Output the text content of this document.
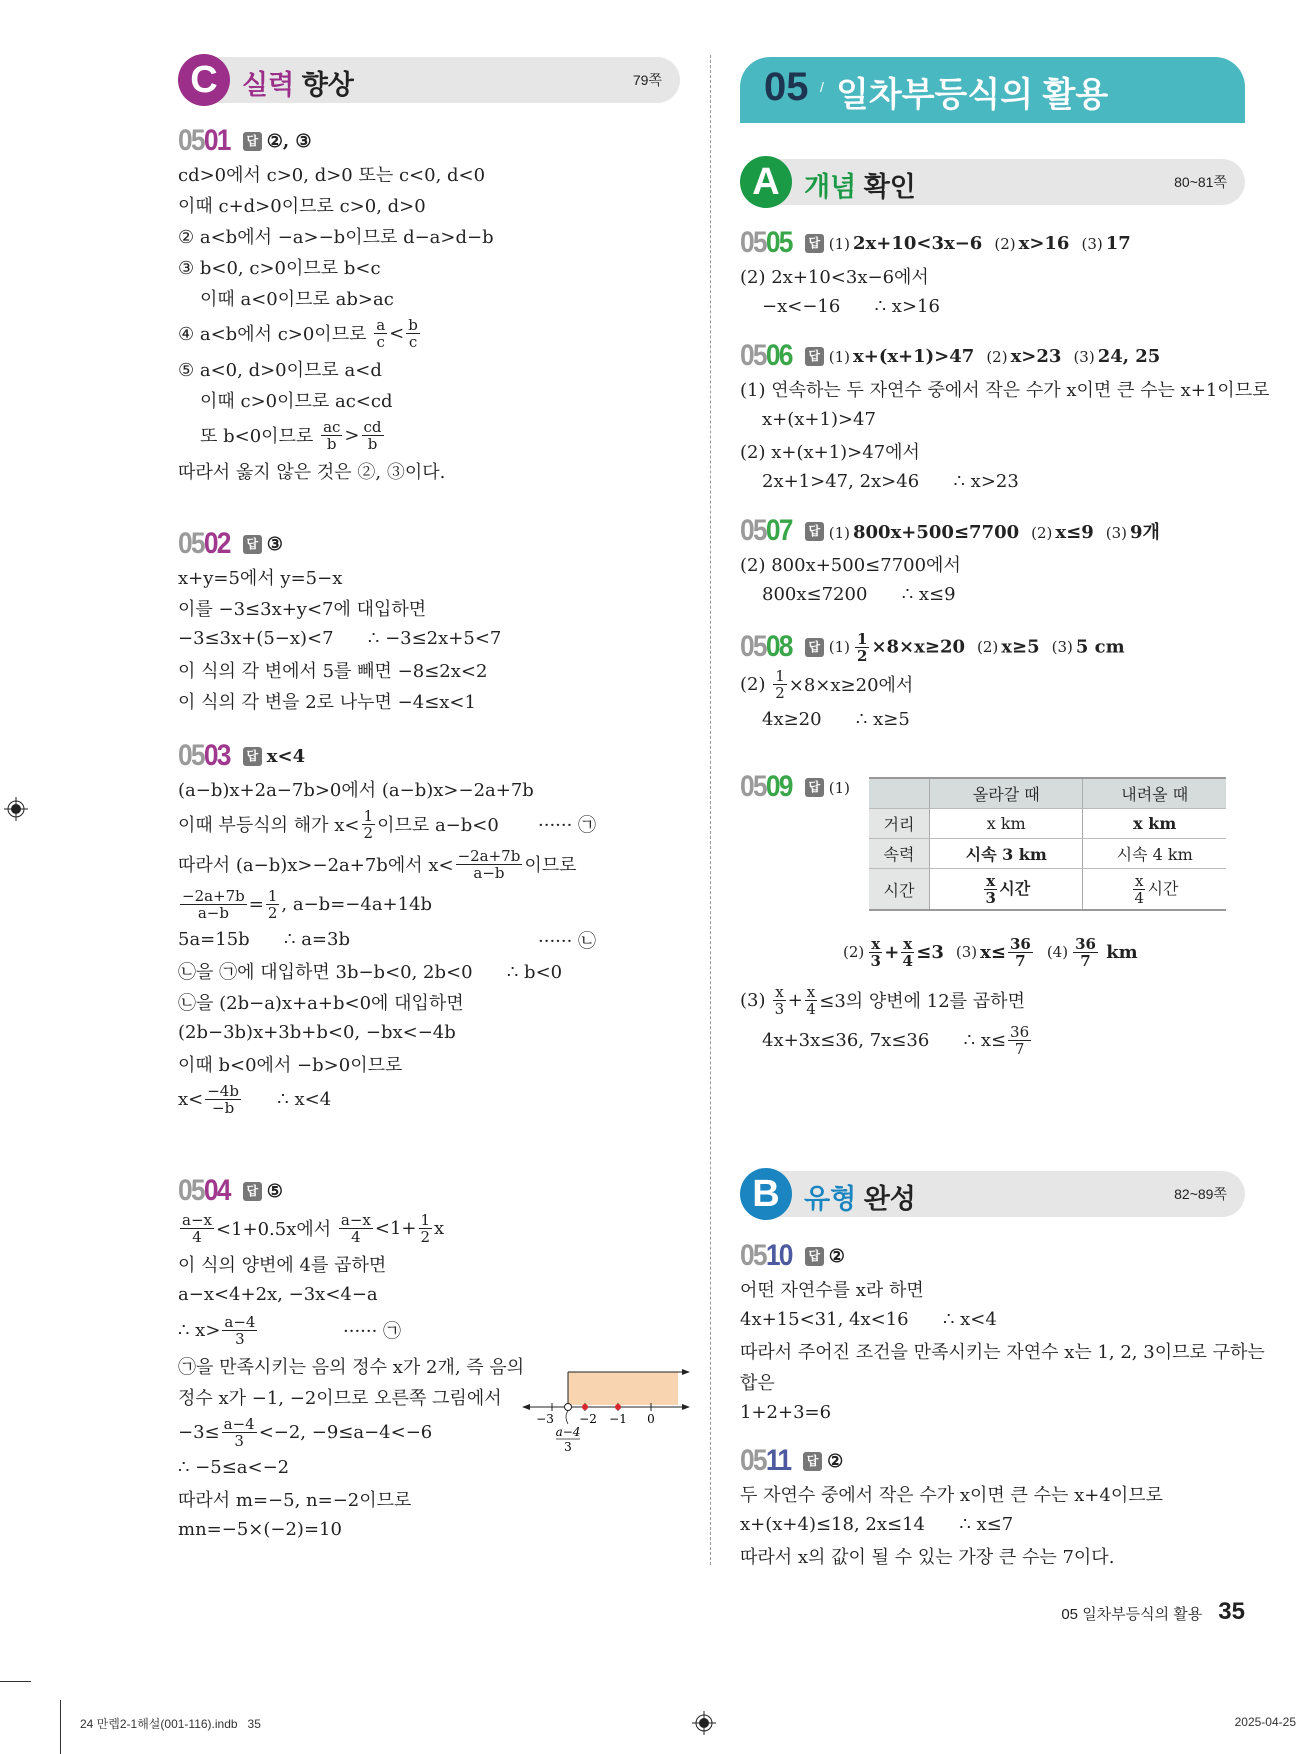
C 실력 향상	79쪽	05 / 일차부등식의 활용
A 개념 확인	80~81쪽
B 유형 완성	82~89쪽
0501	답 ②, ③
cd>0에서 c>0, d>0 또는 c<0, d<0
이때 c+d>0이므로 c>0, d>0
② a<b에서 −a>−b이므로 d−a>d−b
③ b<0, c>0이므로 b<c
이때 a<0이므로 ab>ac
④ a<b에서 c>0이므로 $\frac{a}{c} < \frac{b}{c}$
⑤ a<0, d>0이므로 a<d
이때 c>0이므로 ac<cd
또 b<0이므로 $\frac{ac}{b} > \frac{cd}{b}$
따라서 옳지 않은 것은 ②, ③이다.
0502	답 ③
x+y=5에서 y=5−x
이를 −3≤3x+y<7에 대입하면
−3≤3x+(5−x)<7      ∴ −3≤2x+5<7
이 식의 각 변에서 5를 빼면 −8≤2x<2
이 식의 각 변을 2로 나누면 −4≤x<1
0503	답 x<4
(a−b)x+2a−7b>0에서 (a−b)x>−2a+7b
이때 부등식의 해가 $x< \frac{1}{2}$ 이므로 a−b<0 ······ ㉠
따라서 (a−b)x>−2a+7b에서 $x< \frac{-2a+7b}{a-b}$ 이므로
$\frac{-2a+7b}{a-b} = \frac{1}{2}$ , a−b=−4a+14b
5a=15b      ∴ a=3b	······ ㉡
㉡을 ㉠에 대입하면 3b−b<0, 2b<0      ∴ b<0
㉡을 (2b−a)x+a+b<0에 대입하면
(2b−3b)x+3b+b<0, −bx<−4b
이때 b<0에서 −b>0이므로
$x< \frac{-4b}{-b}$ ∴ x<4
0504	답 ⑤
$\frac{a-x}{4} <1+0.5x$에서 $\frac{a-x}{4} <1+ \frac{1}{2}$ x
이 식의 양변에 4를 곱하면
a−x<4+2x, −3x<4−a
∴ $x> \frac{a-4}{3}$	······ ㉠
㉠을 만족시키는 음의 정수 x가 2개, 즉 음의
정수 x가 −1, −2이므로 오른쪽 그림에서
$-3\le \frac{a-4}{3} <-2$, −9≤a−4<−6
∴ −5≤a<−2
따라서 m=−5, n=−2이므로
mn=−5×(−2)=10
0505	답 (1) 2x+10<3x−6 (2) x>16 (3) 17
(2) 2x+10<3x−6에서
−x<−16      ∴ x>16
0506	답 (1) x+(x+1)>47 (2) x>23 (3) 24, 25
(1) 연속하는 두 자연수 중에서 작은 수가 x이면 큰 수는 x+1이므로
x+(x+1)>47
(2) x+(x+1)>47에서
2x+1>47, 2x>46      ∴ x>23
0507	답 (1) 800x+500≤7700 (2) x≤9 (3) 9개
(2) 800x+500≤7700에서
800x≤7200      ∴ x≤9
0508	답 $(1) \frac{1}{2} \times 8\times x\ge 20$ (2) x≥5 (3) 5 cm
$(2) \frac{1}{2} \times 8\times x\ge 20$에서
4x≥20      ∴ x≥5
0509	답 (1)
		올라갈 때	내려올 때
거리	x km	x km
속력	시속 3 km	시속 4 km
시간	$\frac{x}{3}$ 시간	$\frac{x}{4}$ 시간
$(2) \frac{x}{3} + \frac{x}{4} \le 3$ (3) $x\le \frac{36}{7} (4) \frac{36}{7}$ km
$(3) \frac{x}{3} + \frac{x}{4} \le 3$의 양변에 12를 곱하면
4x+3x≤36, 7x≤36      ∴ $x\le \frac{36}{7}$
0510	답 ②
어떤 자연수를 x라 하면
4x+15<31, 4x<16      ∴ x<4
따라서 주어진 조건을 만족시키는 자연수 x는 1, 2, 3이므로 구하는
합은
1+2+3=6
0511	답 ②
두 자연수 중에서 작은 수가 x이면 큰 수는 x+4이므로
x+(x+4)≤18, 2x≤14      ∴ x≤7
따라서 x의 값이 될 수 있는 가장 큰 수는 7이다.
−3 −2 −1 0
a−4
3
05 일차부등식의 활용 35
24 만렙2-1해설(001-116).indb   35	2025-04-25
